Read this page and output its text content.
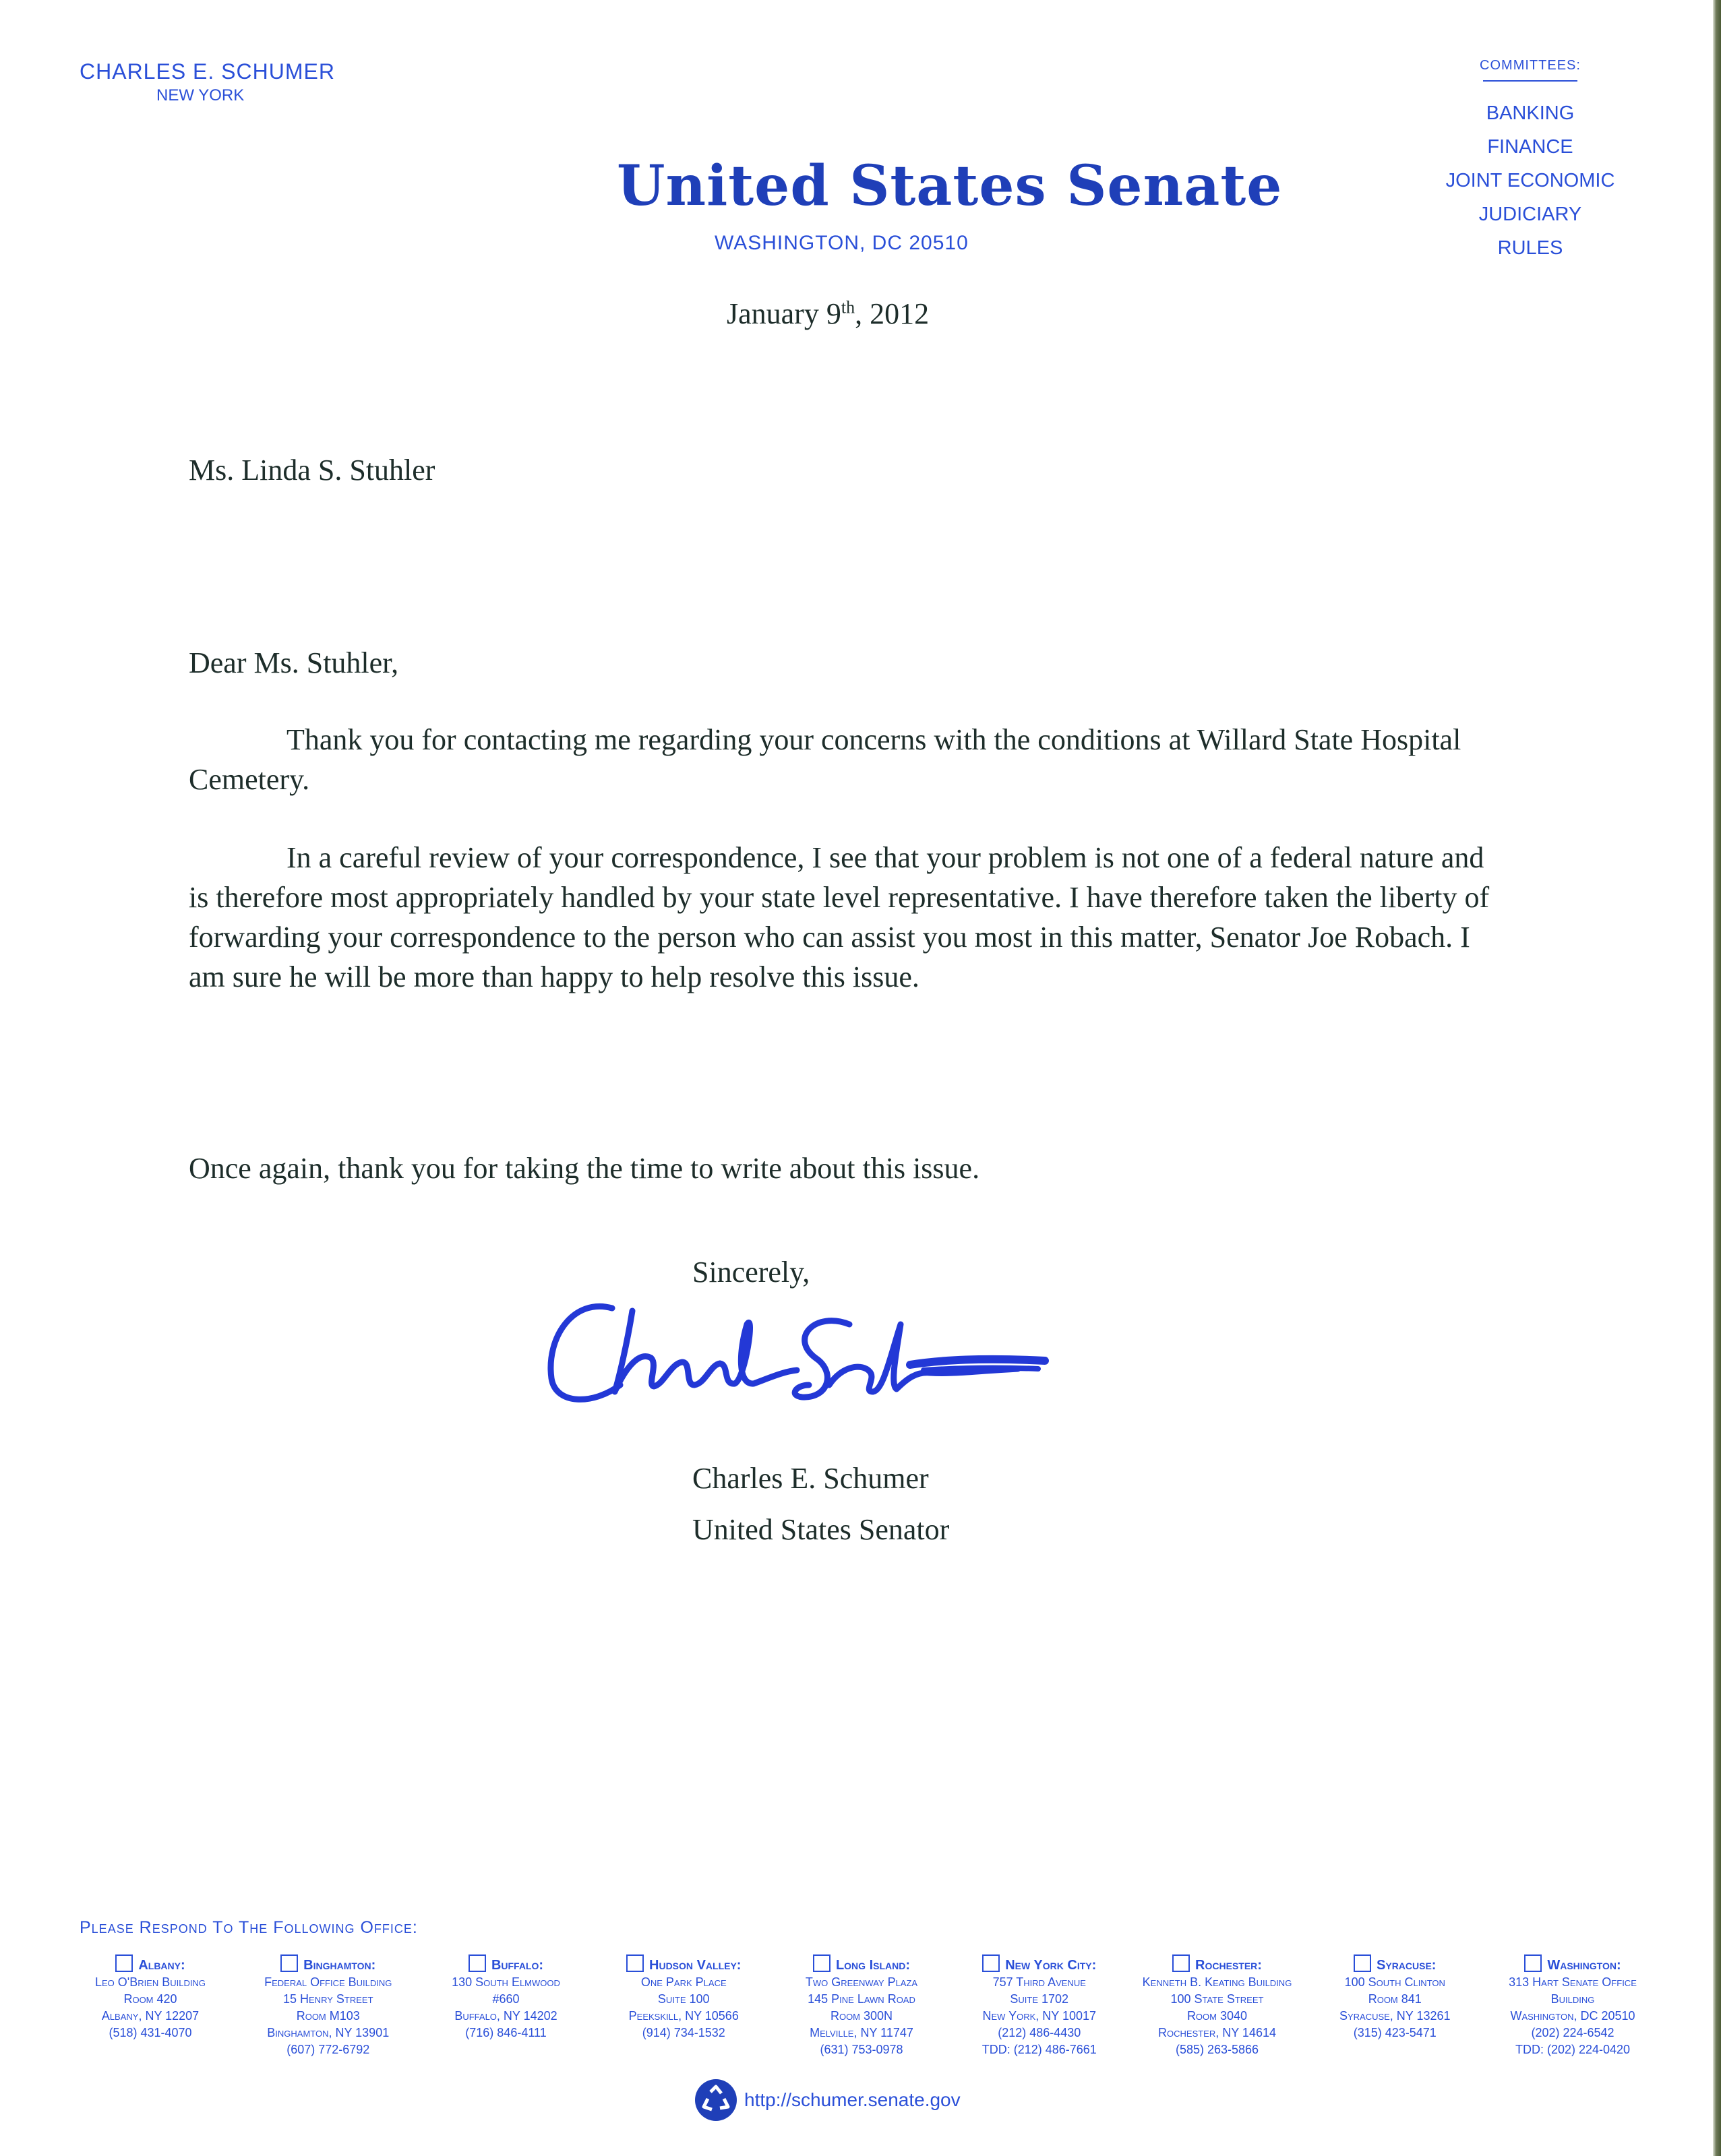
CHARLES E. SCHUMER
NEW YORK
United States Senate
WASHINGTON, DC 20510
COMMITTEES:
BANKING
FINANCE
JOINT ECONOMIC
JUDICIARY
RULES
January 9th, 2012
Ms. Linda S. Stuhler
Dear Ms. Stuhler,
Thank you for contacting me regarding your concerns with the conditions at Willard State Hospital Cemetery.
In a careful review of your correspondence, I see that your problem is not one of a federal nature and is therefore most appropriately handled by your state level representative. I have therefore taken the liberty of forwarding your correspondence to the person who can assist you most in this matter, Senator Joe Robach. I am sure he will be more than happy to help resolve this issue.
Once again, thank you for taking the time to write about this issue.
Sincerely,
Charles E. Schumer
United States Senator
Please Respond To The Following Office:
Albany:
Leo O'Brien Building
Room 420
Albany, NY 12207
(518) 431-4070
Binghamton:
Federal Office Building
15 Henry Street
Room M103
Binghamton, NY 13901
(607) 772-6792
Buffalo:
130 South Elmwood
#660
Buffalo, NY 14202
(716) 846-4111
Hudson Valley:
One Park Place
Suite 100
Peekskill, NY 10566
(914) 734-1532
Long Island:
Two Greenway Plaza
145 Pine Lawn Road
Room 300N
Melville, NY 11747
(631) 753-0978
New York City:
757 Third Avenue
Suite 1702
New York, NY 10017
(212) 486-4430
TDD: (212) 486-7661
Rochester:
Kenneth B. Keating Building
100 State Street
Room 3040
Rochester, NY 14614
(585) 263-5866
Syracuse:
100 South Clinton
Room 841
Syracuse, NY 13261
(315) 423-5471
Washington:
313 Hart Senate Office Building
Washington, DC 20510
(202) 224-6542
TDD: (202) 224-0420
http://schumer.senate.gov
